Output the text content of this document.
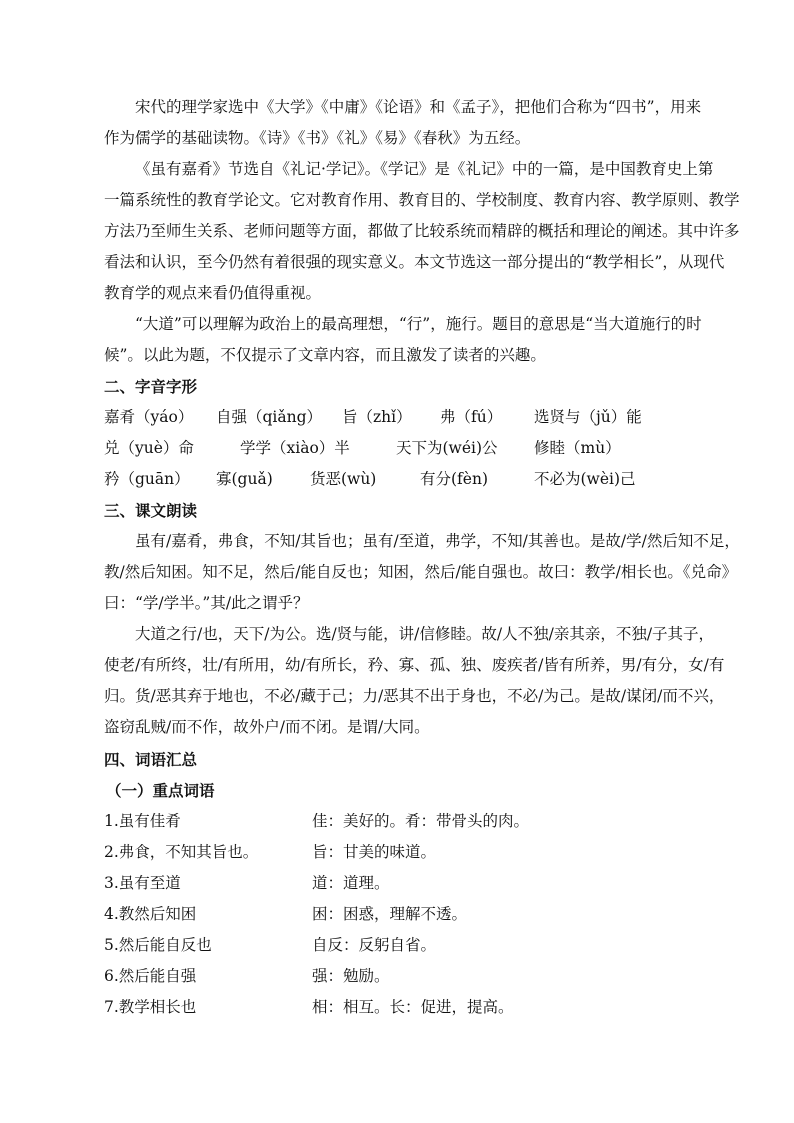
宋代的理学家选中《大学》《中庸》《论语》和《孟子》，把他们合称为“四书”，用来
作为儒学的基础读物。《诗》《书》《礼》《易》《春秋》为五经。

《虽有嘉肴》节选自《礼记·学记》。《学记》是《礼记》中的一篇，是中国教育史上第
一篇系统性的教育学论文。它对教育作用、教育目的、学校制度、教育内容、教学原则、教学
方法乃至师生关系、老师问题等方面，都做了比较系统而精辟的概括和理论的阐述。其中许多
看法和认识，至今仍然有着很强的现实意义。本文节选这一部分提出的“教学相长”，从现代
教育学的观点来看仍值得重视。

“大道”可以理解为政治上的最高理想，“行”，施行。题目的意思是“当大道施行的时
候”。以此为题，不仅提示了文章内容，而且激发了读者的兴趣。

二、字音字形

嘉肴（yáo） 自强（qiǎng） 旨（zhǐ） 弗（fú） 选贤与（jǔ）能
兑（yuè）命	学学（xiào）半	天下为(wéi)公 修睦（mù）
矜（guān） 寡(guǎ) 货恶(wù)	有分(fèn)	不必为(wèi)己

三、课文朗读

虽有/嘉肴，弗食，不知/其旨也；虽有/至道，弗学，不知/其善也。是故/学/然后知不足，
教/然后知困。知不足，然后/能自反也；知困，然后/能自强也。故曰：教学/相长也。《兑命》
曰：“学/学半。”其/此之谓乎？

大道之行/也，天下/为公。选/贤与能，讲/信修睦。故/人不独/亲其亲，不独/子其子，
使老/有所终，壮/有所用，幼/有所长，矜、寡、孤、独、废疾者/皆有所养，男/有分，女/有
归。货/恶其弃于地也，不必/藏于己；力/恶其不出于身也，不必/为己。是故/谋闭/而不兴，
盗窃乱贼/而不作，故外户/而不闭。是谓/大同。

四、词语汇总

（一）重点词语

1.虽有佳肴	佳：美好的。肴：带骨头的肉。
2.弗食，不知其旨也。	旨：甘美的味道。
3.虽有至道	道：道理。
4.教然后知困	困：困惑，理解不透。
5.然后能自反也	自反：反躬自省。
6.然后能自强	强：勉励。
7.教学相长也	相：相互。长：促进，提高。
